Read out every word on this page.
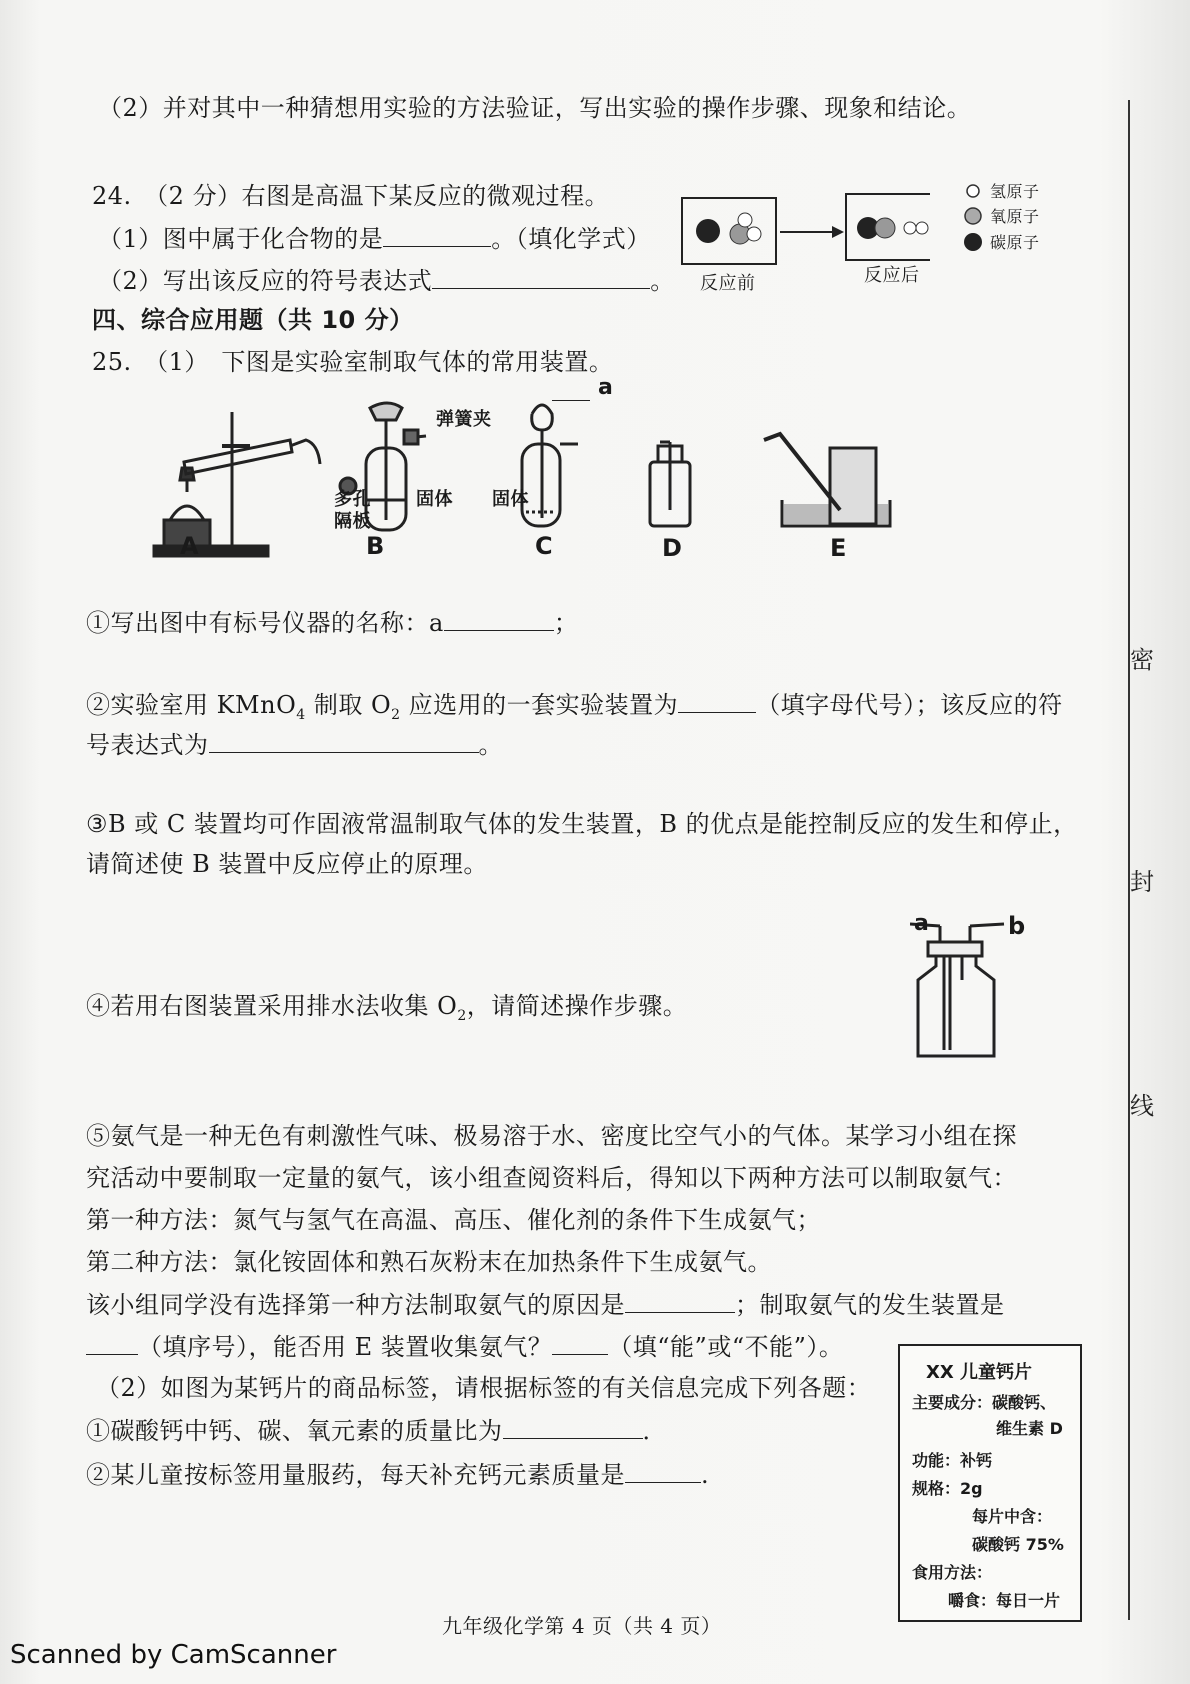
密
封
线
（2）并对其中一种猜想用实验的方法验证，写出实验的操作步骤、现象和结论。
24.　（2 分）右图是高温下某反应的微观过程。
（1）图中属于化合物的是	。（填化学式）
（2）写出该反应的符号表达式	。 反应前	反应后
氢原子
氧原子
碳原子
四、综合应用题（共 10 分）
25.　（1）　下图是实验室制取气体的常用装置。
a
弹簧夹
多孔
隔板
固体 固体
A	B	C	D	E
①写出图中有标号仪器的名称：a	；
②实验室用 KMnO$_4$ 制取 $O_2$ 应选用的一套实验装置为	（填字母代号）；该反应的符
号表达式为	。
③B 或 C 装置均可作固液常温制取气体的发生装置，B 的优点是能控制反应的发生和停止，
请简述使 B 装置中反应停止的原理。
a	b
④若用右图装置采用排水法收集 $O_2$，请简述操作步骤。
⑤氨气是一种无色有刺激性气味、极易溶于水、密度比空气小的气体。某学习小组在探
究活动中要制取一定量的氨气，该小组查阅资料后，得知以下两种方法可以制取氨气：
第一种方法：氮气与氢气在高温、高压、催化剂的条件下生成氨气；
第二种方法：氯化铵固体和熟石灰粉末在加热条件下生成氨气。
该小组同学没有选择第一种方法制取氨气的原因是	；制取氨气的发生装置是
（填序号），能否用 E 装置收集氨气？ （填“能”或“不能”）。
（2）如图为某钙片的商品标签，请根据标签的有关信息完成下列各题：
①碳酸钙中钙、碳、氧元素的质量比为	．
②某儿童按标签用量服药，每天补充钙元素质量是	.
XX 儿童钙片
主要成分：碳酸钙、
维生素 D
功能：补钙
规格：2g
每片中含：
碳酸钙 75%
食用方法：
嚼食：每日一片
九年级化学第 4 页（共 4 页）
Scanned by CamScanner
